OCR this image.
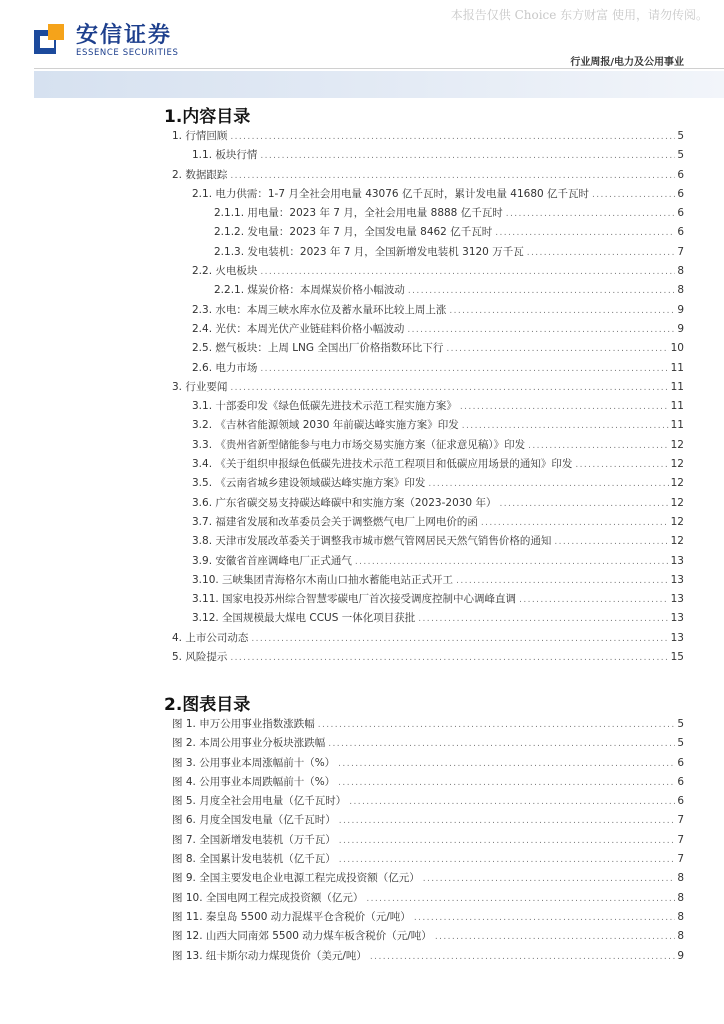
本报告仅供 Choice 东方财富 使用，请勿传阅。
安信证券
ESSENCE SECURITIES
行业周报/电力及公用事业
1.内容目录
1. 行情回顾 .....	5
1.1. 板块行情 .....	5
2. 数据跟踪 .....	6
2.1. 电力供需：1-7 月全社会用电量 43076 亿千瓦时，累计发电量 41680 亿千瓦时 .....	6
2.1.1. 用电量：2023 年 7 月，全社会用电量 8888 亿千瓦时 .....	6
2.1.2. 发电量：2023 年 7 月，全国发电量 8462 亿千瓦时 .....	6
2.1.3. 发电装机：2023 年 7 月，全国新增发电装机 3120 万千瓦 .....	7
2.2. 火电板块 .....	8
2.2.1. 煤炭价格：本周煤炭价格小幅波动 .....	8
2.3. 水电：本周三峡水库水位及蓄水量环比较上周上涨 .....	9
2.4. 光伏：本周光伏产业链硅料价格小幅波动 .....	9
2.5. 燃气板块：上周 LNG 全国出厂价格指数环比下行 .....	10
2.6. 电力市场 .....	11
3. 行业要闻 .....	11
3.1. 十部委印发《绿色低碳先进技术示范工程实施方案》 .....	11
3.2. 《吉林省能源领域 2030 年前碳达峰实施方案》印发 .....	11
3.3. 《贵州省新型储能参与电力市场交易实施方案（征求意见稿）》印发 .....	12
3.4. 《关于组织申报绿色低碳先进技术示范工程项目和低碳应用场景的通知》印发 .....	12
3.5. 《云南省城乡建设领域碳达峰实施方案》印发 .....	12
3.6. 广东省碳交易支持碳达峰碳中和实施方案（2023-2030 年） .....	12
3.7. 福建省发展和改革委员会关于调整燃气电厂上网电价的函 .....	12
3.8. 天津市发展改革委关于调整我市城市燃气管网居民天然气销售价格的通知 .....	12
3.9. 安徽省首座调峰电厂正式通气 .....	13
3.10. 三峡集团青海格尔木南山口抽水蓄能电站正式开工 .....	13
3.11. 国家电投苏州综合智慧零碳电厂首次接受调度控制中心调峰直调 .....	13
3.12. 全国规模最大煤电 CCUS 一体化项目获批 .....	13
4. 上市公司动态 .....	13
5. 风险提示 .....	15
2.图表目录
图 1. 申万公用事业指数涨跌幅 .....	5
图 2. 本周公用事业分板块涨跌幅 .....	5
图 3. 公用事业本周涨幅前十（%） .....	6
图 4. 公用事业本周跌幅前十（%） .....	6
图 5. 月度全社会用电量（亿千瓦时） .....	6
图 6. 月度全国发电量（亿千瓦时） .....	7
图 7. 全国新增发电装机（万千瓦） .....	7
图 8. 全国累计发电装机（亿千瓦） .....	7
图 9. 全国主要发电企业电源工程完成投资额（亿元） .....	8
图 10. 全国电网工程完成投资额（亿元） .....	8
图 11. 秦皇岛 5500 动力混煤平仓含税价（元/吨） .....	8
图 12. 山西大同南郊 5500 动力煤车板含税价（元/吨） .....	8
图 13. 纽卡斯尔动力煤现货价（美元/吨） .....	9
